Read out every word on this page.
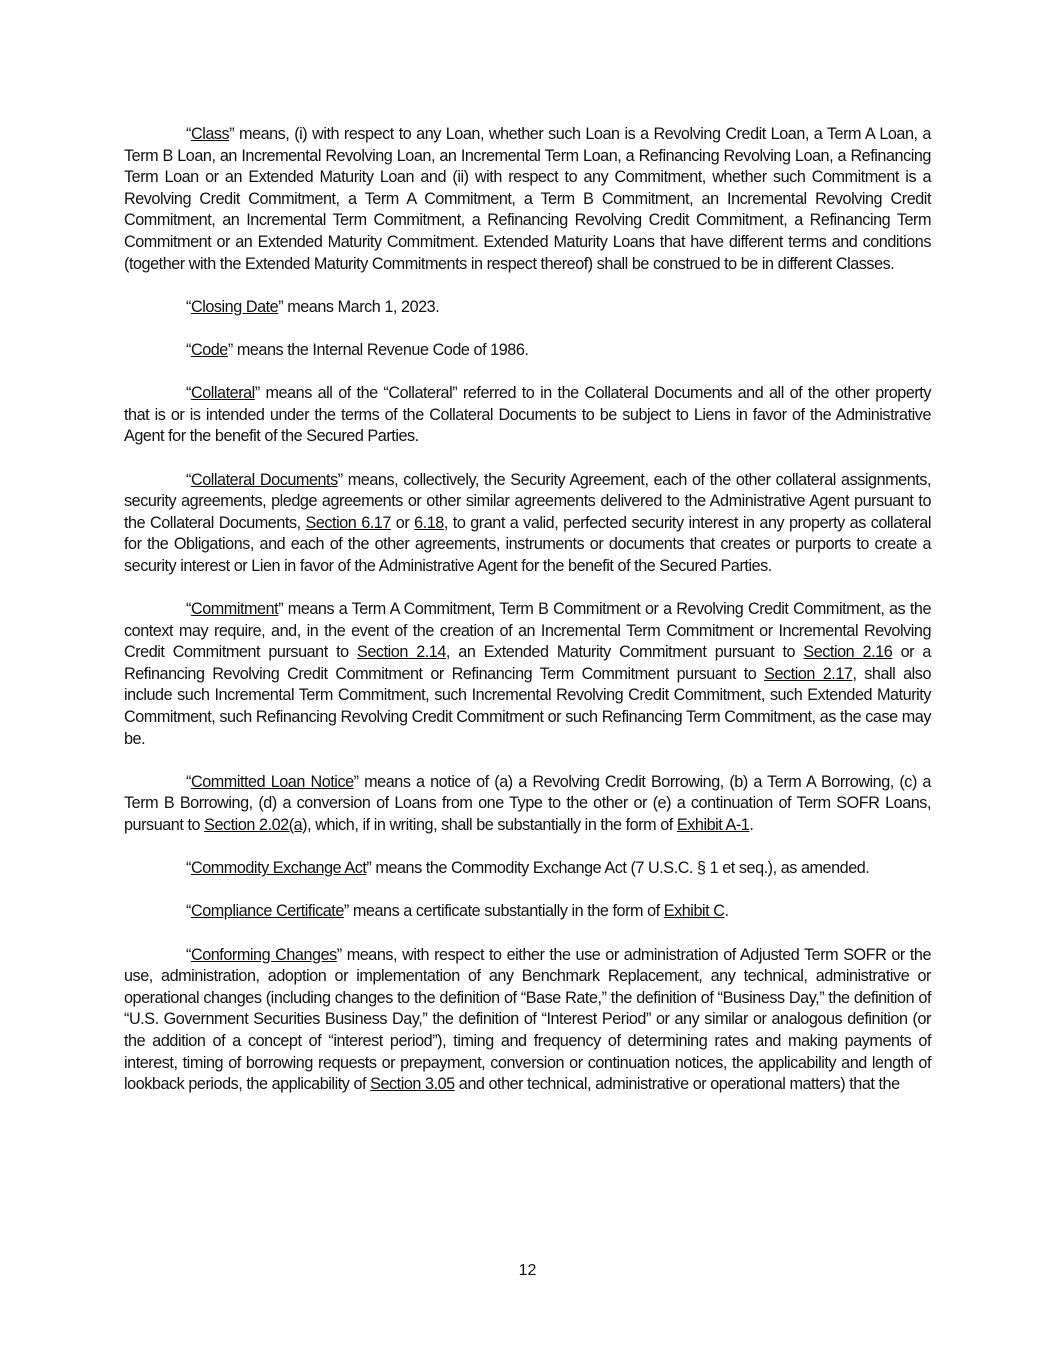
“Class” means, (i) with respect to any Loan, whether such Loan is a Revolving Credit Loan, a Term A Loan, a Term B Loan, an Incremental Revolving Loan, an Incremental Term Loan, a Refinancing Revolving Loan, a Refinancing Term Loan or an Extended Maturity Loan and (ii) with respect to any Commitment, whether such Commitment is a Revolving Credit Commitment, a Term A Commitment, a Term B Commitment, an Incremental Revolving Credit Commitment, an Incremental Term Commitment, a Refinancing Revolving Credit Commitment, a Refinancing Term Commitment or an Extended Maturity Commitment. Extended Maturity Loans that have different terms and conditions (together with the Extended Maturity Commitments in respect thereof) shall be construed to be in different Classes.

“Closing Date” means March 1, 2023.

“Code” means the Internal Revenue Code of 1986.

“Collateral” means all of the “Collateral” referred to in the Collateral Documents and all of the other property that is or is intended under the terms of the Collateral Documents to be subject to Liens in favor of the Administrative Agent for the benefit of the Secured Parties.

“Collateral Documents” means, collectively, the Security Agreement, each of the other collateral assignments, security agreements, pledge agreements or other similar agreements delivered to the Administrative Agent pursuant to the Collateral Documents, Section 6.17 or 6.18, to grant a valid, perfected security interest in any property as collateral for the Obligations, and each of the other agreements, instruments or documents that creates or purports to create a security interest or Lien in favor of the Administrative Agent for the benefit of the Secured Parties.

“Commitment” means a Term A Commitment, Term B Commitment or a Revolving Credit Commitment, as the context may require, and, in the event of the creation of an Incremental Term Commitment or Incremental Revolving Credit Commitment pursuant to Section 2.14, an Extended Maturity Commitment pursuant to Section 2.16 or a Refinancing Revolving Credit Commitment or Refinancing Term Commitment pursuant to Section 2.17, shall also include such Incremental Term Commitment, such Incremental Revolving Credit Commitment, such Extended Maturity Commitment, such Refinancing Revolving Credit Commitment or such Refinancing Term Commitment, as the case may be.

“Committed Loan Notice” means a notice of (a) a Revolving Credit Borrowing, (b) a Term A Borrowing, (c) a Term B Borrowing, (d) a conversion of Loans from one Type to the other or (e) a continuation of Term SOFR Loans, pursuant to Section 2.02(a), which, if in writing, shall be substantially in the form of Exhibit A-1.

“Commodity Exchange Act” means the Commodity Exchange Act (7 U.S.C. § 1 et seq.), as amended.

“Compliance Certificate” means a certificate substantially in the form of Exhibit C.

“Conforming Changes” means, with respect to either the use or administration of Adjusted Term SOFR or the use, administration, adoption or implementation of any Benchmark Replacement, any technical, administrative or operational changes (including changes to the definition of “Base Rate,” the definition of “Business Day,” the definition of “U.S. Government Securities Business Day,” the definition of “Interest Period” or any similar or analogous definition (or the addition of a concept of “interest period”), timing and frequency of determining rates and making payments of interest, timing of borrowing requests or prepayment, conversion or continuation notices, the applicability and length of lookback periods, the applicability of Section 3.05 and other technical, administrative or operational matters) that the

12
